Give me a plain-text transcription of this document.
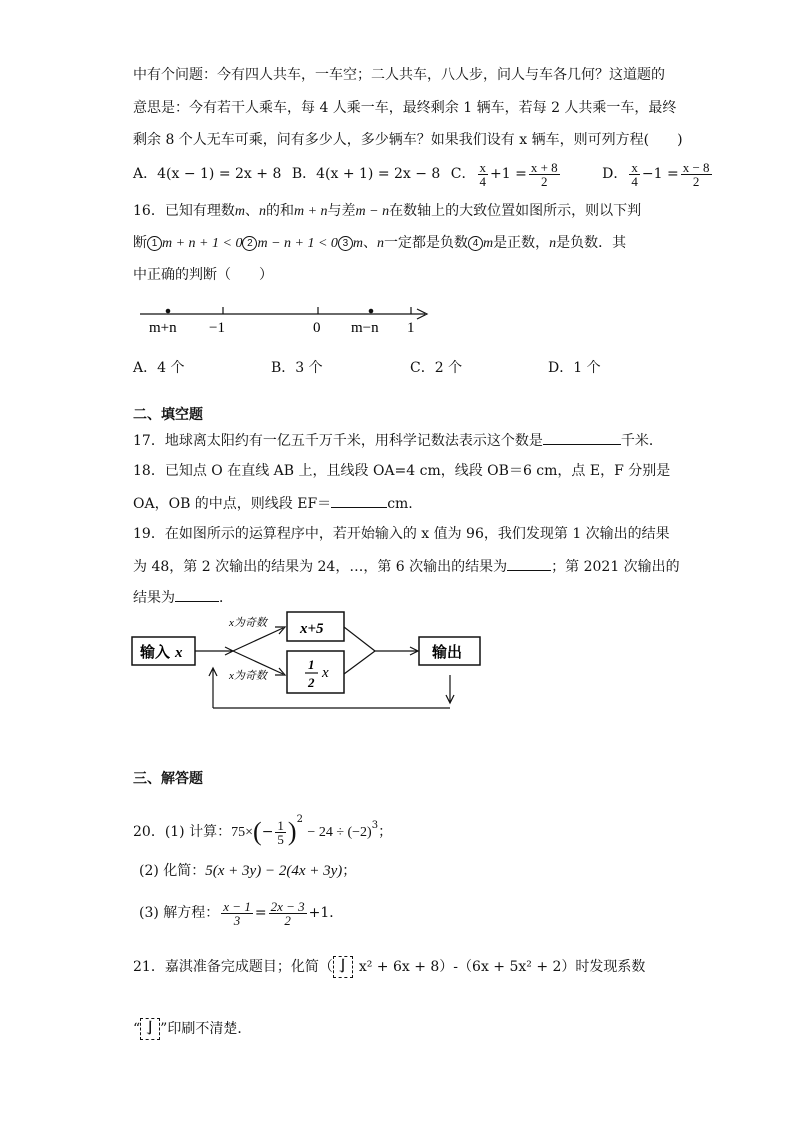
中有个问题：今有四人共车，一车空；二人共车，八人步，问人与车各几何？这道题的
意思是：今有若干人乘车，每 4 人乘一车，最终剩余 1 辆车，若每 2 人共乘一车，最终
剩余 8 个人无车可乘，问有多少人，多少辆车？如果我们设有 x 辆车，则可列方程(　　)
A．4(x − 1) = 2x + 8 B．4(x + 1) = 2x − 8 C． $\frac{x}{4} +1 = \frac{x + 8}{2}$	D． $\frac{x}{4} -1 = \frac{x - 8}{2}$
16．已知有理数m、n的和m + n与差m − n在数轴上的大致位置如图所示，则以下判
断 1 m + n + 1 < 0 2 m − n + 1 < 0 3 m、n一定都是负数 4 m是正数，n是负数．其
中正确的判断（　　）
m+n −1	0 m−n 1
A．4 个	B．3 个	C．2 个	D．1 个
二、填空题
17．地球离太阳约有一亿五千万千米，用科学记数法表示这个数是	千米．
18．已知点 O 在直线 AB 上，且线段 OA=4 cm，线段 OB＝6 cm，点 E，F 分别是
OA，OB 的中点，则线段 EF＝	cm.
19．在如图所示的运算程序中，若开始输入的 x 值为 96，我们发现第 1 次输出的结果
为 48，第 2 次输出的结果为 24，…，第 6 次输出的结果为	；第 2021 次输出的
结果为	．
输入 x
x为奇数
x为奇数
x+5
1
2
x
输出
三、解答题
20．(1) 计算：$75\times(- \frac{1}{5} )^2 - 24 \div (-2)^3$；
(2) 化简：5(x + 3y) − 2(4x + 3y)；
(3) 解方程： $\frac{x - 1}{3} = \frac{2x - 3}{2} +1$．
21．嘉淇准备完成题目；化简（ 亅 x² + 6x + 8）-（6x + 5x² + 2）时发现系数
“ 亅 ”印刷不清楚．
